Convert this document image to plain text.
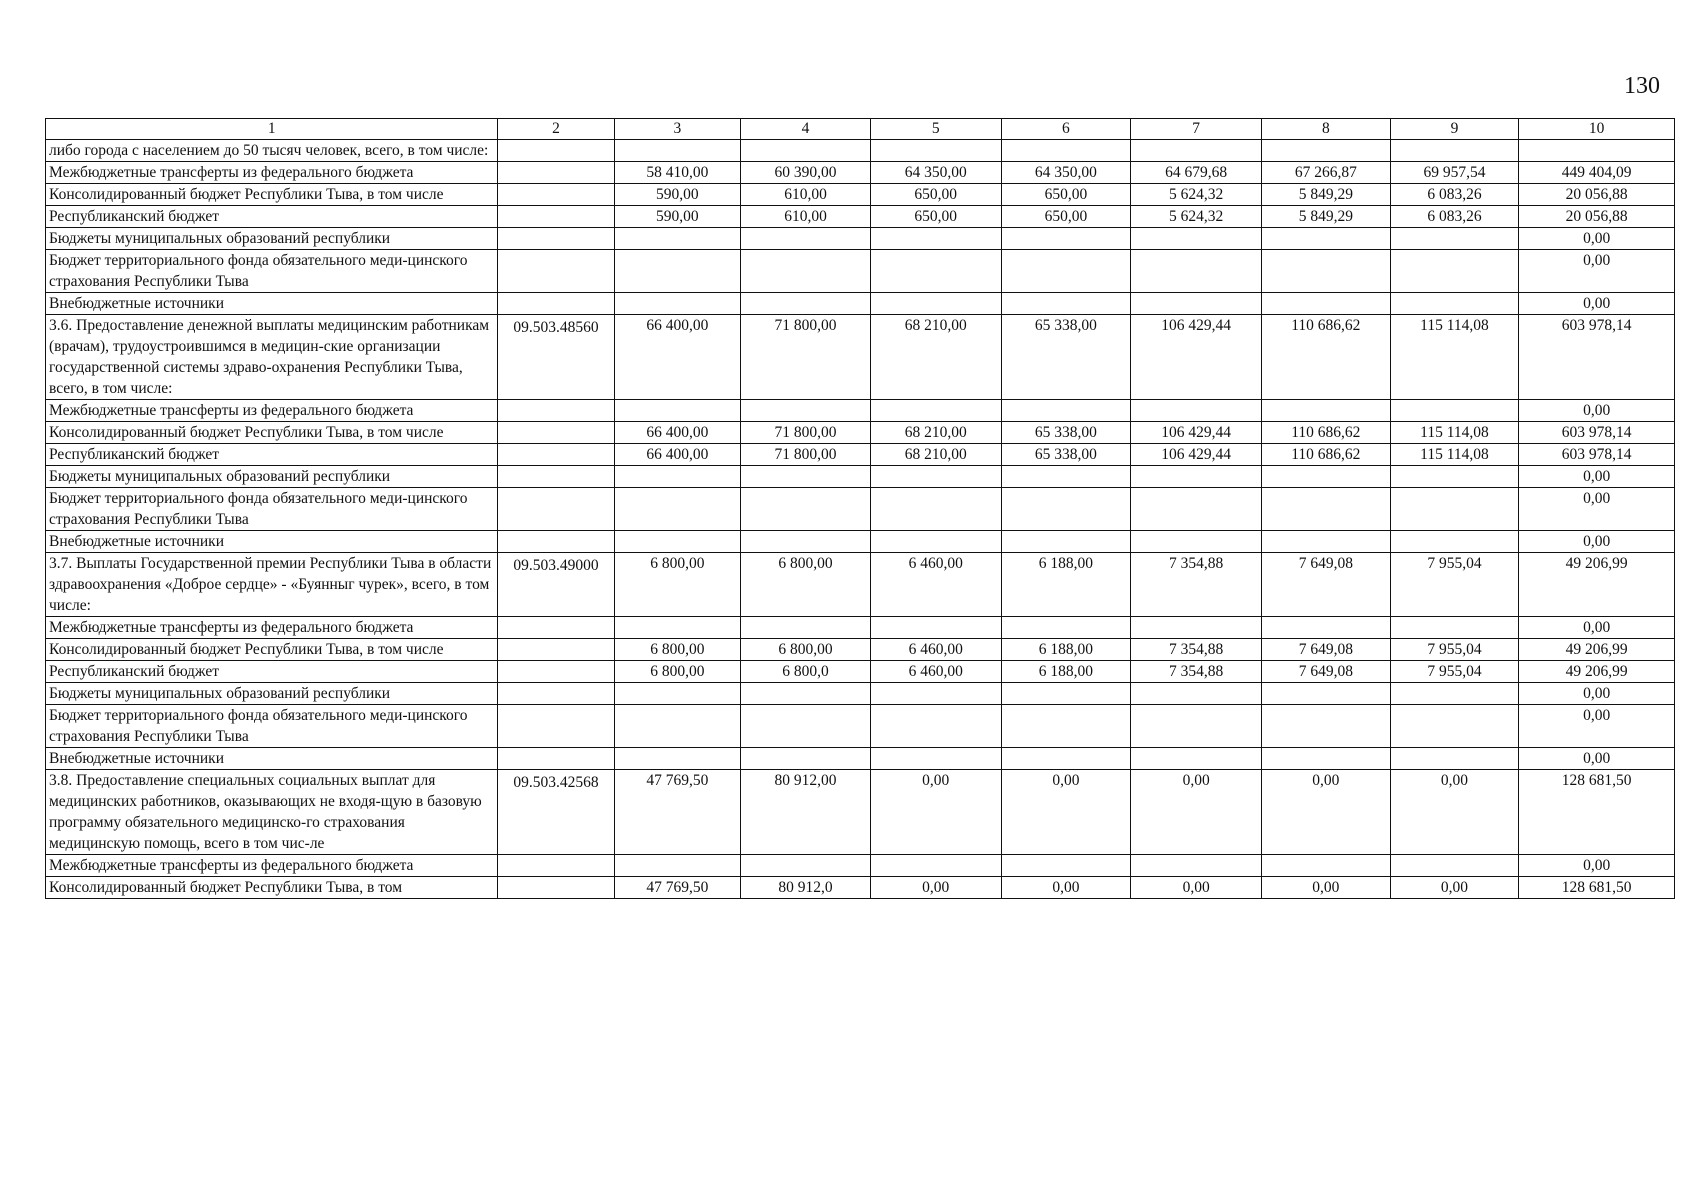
130
1	2	3	4	5	6	7	8	9	10
либо города с населением до 50 тысяч человек, всего, в том числе:									
Межбюджетные трансферты из федерального бюджета		58 410,00	60 390,00	64 350,00	64 350,00	64 679,68	67 266,87	69 957,54	449 404,09
Консолидированный бюджет Республики Тыва, в том числе		590,00	610,00	650,00	650,00	5 624,32	5 849,29	6 083,26	20 056,88
Республиканский бюджет		590,00	610,00	650,00	650,00	5 624,32	5 849,29	6 083,26	20 056,88
Бюджеты муниципальных образований республики									0,00
Бюджет территориального фонда обязательного меди-цинского страхования Республики Тыва									0,00
Внебюджетные источники									0,00
3.6. Предоставление денежной выплаты медицинским работникам (врачам), трудоустроившимся в медицин-ские организации государственной системы здраво-охранения Республики Тыва, всего, в том числе:	09.503.48560	66 400,00	71 800,00	68 210,00	65 338,00	106 429,44	110 686,62	115 114,08	603 978,14
Межбюджетные трансферты из федерального бюджета									0,00
Консолидированный бюджет Республики Тыва, в том числе		66 400,00	71 800,00	68 210,00	65 338,00	106 429,44	110 686,62	115 114,08	603 978,14
Республиканский бюджет		66 400,00	71 800,00	68 210,00	65 338,00	106 429,44	110 686,62	115 114,08	603 978,14
Бюджеты муниципальных образований республики									0,00
Бюджет территориального фонда обязательного меди-цинского страхования Республики Тыва									0,00
Внебюджетные источники									0,00
3.7. Выплаты Государственной премии Республики Тыва в области здравоохранения «Доброе сердце» - «Буянныг чурек», всего, в том числе:	09.503.49000	6 800,00	6 800,00	6 460,00	6 188,00	7 354,88	7 649,08	7 955,04	49 206,99
Межбюджетные трансферты из федерального бюджета									0,00
Консолидированный бюджет Республики Тыва, в том числе		6 800,00	6 800,00	6 460,00	6 188,00	7 354,88	7 649,08	7 955,04	49 206,99
Республиканский бюджет		6 800,00	6 800,0	6 460,00	6 188,00	7 354,88	7 649,08	7 955,04	49 206,99
Бюджеты муниципальных образований республики									0,00
Бюджет территориального фонда обязательного меди-цинского страхования Республики Тыва									0,00
Внебюджетные источники									0,00
3.8. Предоставление специальных социальных выплат для медицинских работников, оказывающих не входя-щую в базовую программу обязательного медицинско-го страхования медицинскую помощь, всего в том чис-ле	09.503.42568	47 769,50	80 912,00	0,00	0,00	0,00	0,00	0,00	128 681,50
Межбюджетные трансферты из федерального бюджета									0,00
Консолидированный бюджет Республики Тыва, в том		47 769,50	80 912,0	0,00	0,00	0,00	0,00	0,00	128 681,50
